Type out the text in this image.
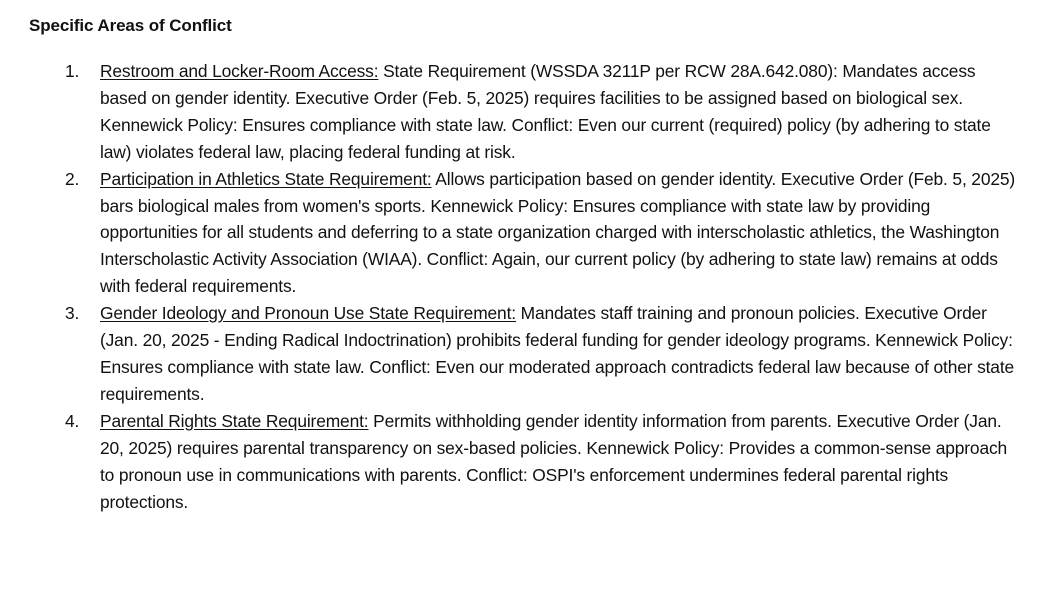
Specific Areas of Conflict
1. Restroom and Locker-Room Access: State Requirement (WSSDA 3211P per RCW 28A.642.080): Mandates access based on gender identity. Executive Order (Feb. 5, 2025) requires facilities to be assigned based on biological sex. Kennewick Policy: Ensures compliance with state law. Conflict: Even our current (required) policy (by adhering to state law) violates federal law, placing federal funding at risk.
2. Participation in Athletics State Requirement: Allows participation based on gender identity. Executive Order (Feb. 5, 2025) bars biological males from women's sports. Kennewick Policy: Ensures compliance with state law by providing opportunities for all students and deferring to a state organization charged with interscholastic athletics, the Washington Interscholastic Activity Association (WIAA). Conflict: Again, our current policy (by adhering to state law) remains at odds with federal requirements.
3. Gender Ideology and Pronoun Use State Requirement: Mandates staff training and pronoun policies. Executive Order (Jan. 20, 2025 - Ending Radical Indoctrination) prohibits federal funding for gender ideology programs. Kennewick Policy: Ensures compliance with state law. Conflict: Even our moderated approach contradicts federal law because of other state requirements.
4. Parental Rights State Requirement: Permits withholding gender identity information from parents. Executive Order (Jan. 20, 2025) requires parental transparency on sex-based policies. Kennewick Policy: Provides a common-sense approach to pronoun use in communications with parents. Conflict: OSPI's enforcement undermines federal parental rights protections.
